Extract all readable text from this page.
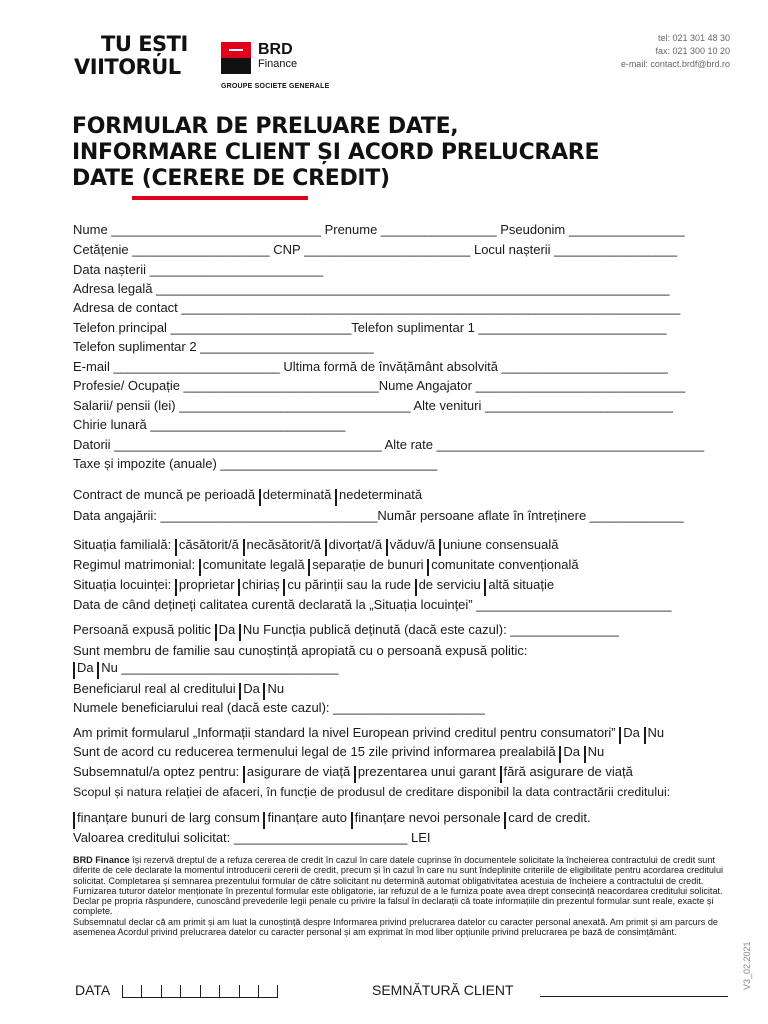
TU EȘTI
VIITORUL
BRD
Finance
GROUPE SOCIETE GENERALE
tel: 021 301 48 30
fax: 021 300 10 20
e-mail: contact.brdf@brd.ro
FORMULAR DE PRELUARE DATE,
INFORMARE CLIENT ȘI ACORD PRELUCRARE
DATE (CERERE DE CREDIT)
Nume _____________________________ Prenume ________________ Pseudonim ________________
Cetățenie ___________________ CNP _______________________ Locul nașterii _________________
Data nașterii ________________________
Adresa legală _______________________________________________________________________
Adresa de contact _____________________________________________________________________
Telefon principal _________________________Telefon suplimentar 1 __________________________
Telefon suplimentar 2 ________________________
E-mail _______________________ Ultima formă de învățământ absolvită _______________________
Profesie/ Ocupație ___________________________Nume Angajator _____________________________
Salarii/ pensii (lei) ________________________________ Alte venituri __________________________
Chirie lunară ___________________________
Datorii _____________________________________ Alte rate _____________________________________
Taxe și impozite (anuale) ______________________________
Contract de muncă pe perioadă determinată nedeterminată
Data angajării: ______________________________Număr persoane aflate în întreținere _____________
Situația familială: căsătorit/ă necăsătorit/ă divorțat/ă văduv/ă uniune consensuală
Regimul matrimonial: comunitate legală separație de bunuri comunitate convențională
Situația locuinței: proprietar chiriaș cu părinții sau la rude de serviciu altă situație
Data de când dețineți calitatea curentă declarată la „Situația locuinței” ___________________________
Persoană expusă politic Da Nu Funcția publică deținută (dacă este cazul): _______________
Sunt membru de familie sau cunoștință apropiată cu o persoană expusă politic:
Da Nu ______________________________
Beneficiarul real al creditului Da Nu
Numele beneficiarului real (dacă este cazul): _____________________
Am primit formularul „Informații standard la nivel European privind creditul pentru consumatori” Da Nu
Sunt de acord cu reducerea termenului legal de 15 zile privind informarea prealabilă Da Nu
Subsemnatul/a optez pentru: asigurare de viață prezentarea unui garant fără asigurare de viață
Scopul și natura relației de afaceri, în funcție de produsul de creditare disponibil la data contractării creditului:
finanțare bunuri de larg consum finanțare auto finanțare nevoi personale card de credit.
Valoarea creditului solicitat: ________________________ LEI

BRD Finance își rezervă dreptul de a refuza cererea de credit în cazul în care datele cuprinse în documentele solicitate la încheierea contractului de credit sunt diferite de cele declarate la momentul introducerii cererii de credit, precum și în cazul în care nu sunt îndeplinite criteriile de eligibilitate pentru acordarea creditului solicitat. Completarea și semnarea prezentului formular de către solicitant nu determină automat obligativitatea acestuia de încheiere a contractului de credit. Furnizarea tuturor datelor menționate în prezentul formular este obligatorie, iar refuzul de a le furniza poate avea drept consecință neacordarea creditului solicitat.

Declar pe propria răspundere, cunoscând prevederile legii penale cu privire la falsul în declarații că toate informațiile din prezentul formular sunt reale, exacte și complete.

Subsemnatul declar că am primit și am luat la cunoștință despre Informarea privind prelucrarea datelor cu caracter personal anexată. Am primit și am parcurs de asemenea Acordul privind prelucrarea datelor cu caracter personal și am exprimat în mod liber opțiunile privind prelucrarea pe bază de consimțământ.

DATA	SEMNĂTURĂ CLIENT	V3_02.2021
